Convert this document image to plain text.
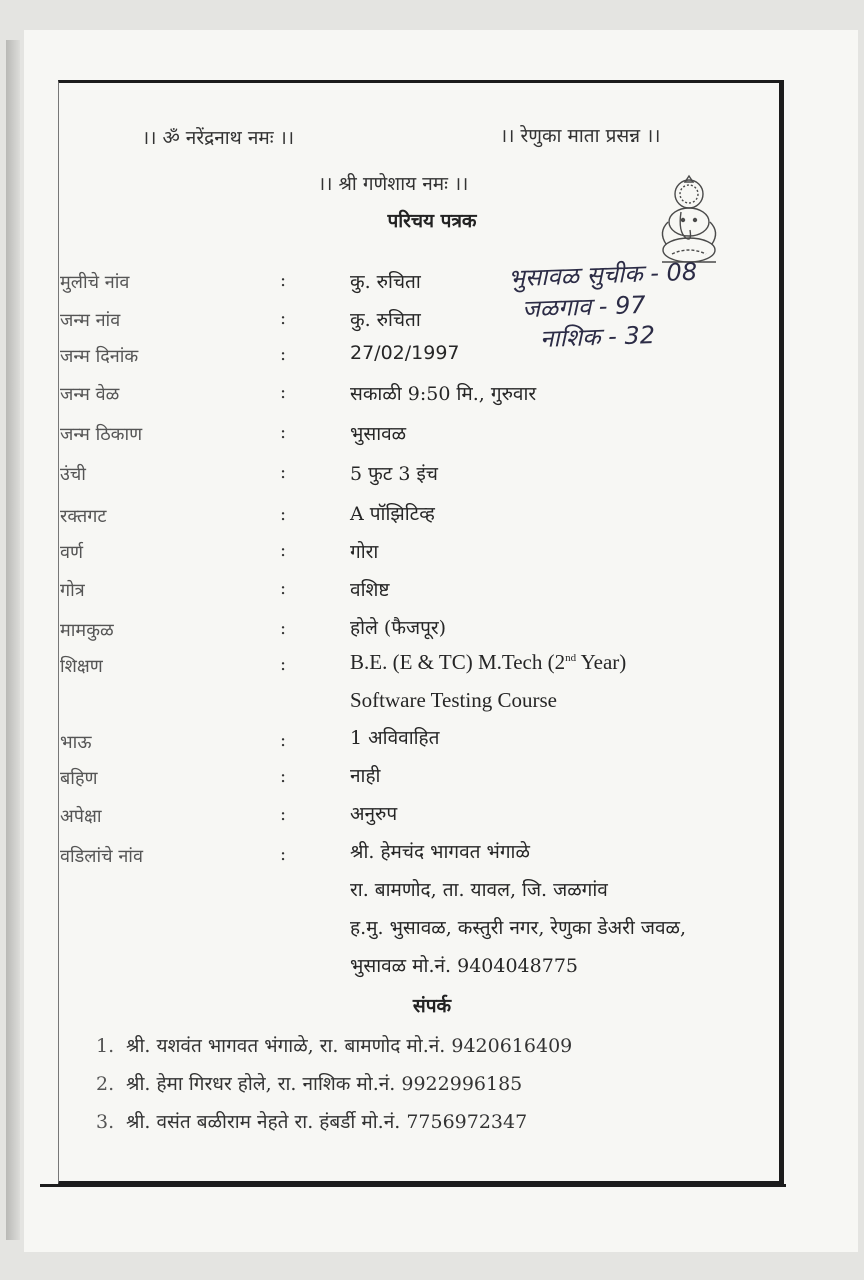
।। ॐ नरेंद्रनाथ नमः ।।	।। रेणुका माता प्रसन्न ।।
।। श्री गणेशाय नमः ।।
परिचय पत्रक
भुसावळ सुचीक - 08
जळगाव - 97
नाशिक - 32
मुलीचे नांव	:	कु. रुचिता
जन्म नांव	:	कु. रुचिता
जन्म दिनांक	:	27/02/1997
जन्म वेळ	:	सकाळी 9:50 मि., गुरुवार
जन्म ठिकाण	:	भुसावळ
उंची	:	5 फुट 3 इंच
रक्तगट	:	A पॉझिटिव्ह
वर्ण	:	गोरा
गोत्र	:	वशिष्ट
मामकुळ	:	होले (फैजपूर)
शिक्षण	:	B.E. (E & TC) M.Tech (2nd Year)
Software Testing Course
भाऊ	:	1 अविवाहित
बहिण	:	नाही
अपेक्षा	:	अनुरुप
वडिलांचे नांव	:	श्री. हेमचंद भागवत भंगाळे
रा. बामणोद, ता. यावल, जि. जळगांव
ह.मु. भुसावळ, कस्तुरी नगर, रेणुका डेअरी जवळ,
भुसावळ मो.नं. 9404048775
संपर्क
1. श्री. यशवंत भागवत भंगाळे, रा. बामणोद मो.नं. 9420616409
2. श्री. हेमा गिरधर होले, रा. नाशिक मो.नं. 9922996185
3. श्री. वसंत बळीराम नेहते रा. हंबर्डी मो.नं. 7756972347
